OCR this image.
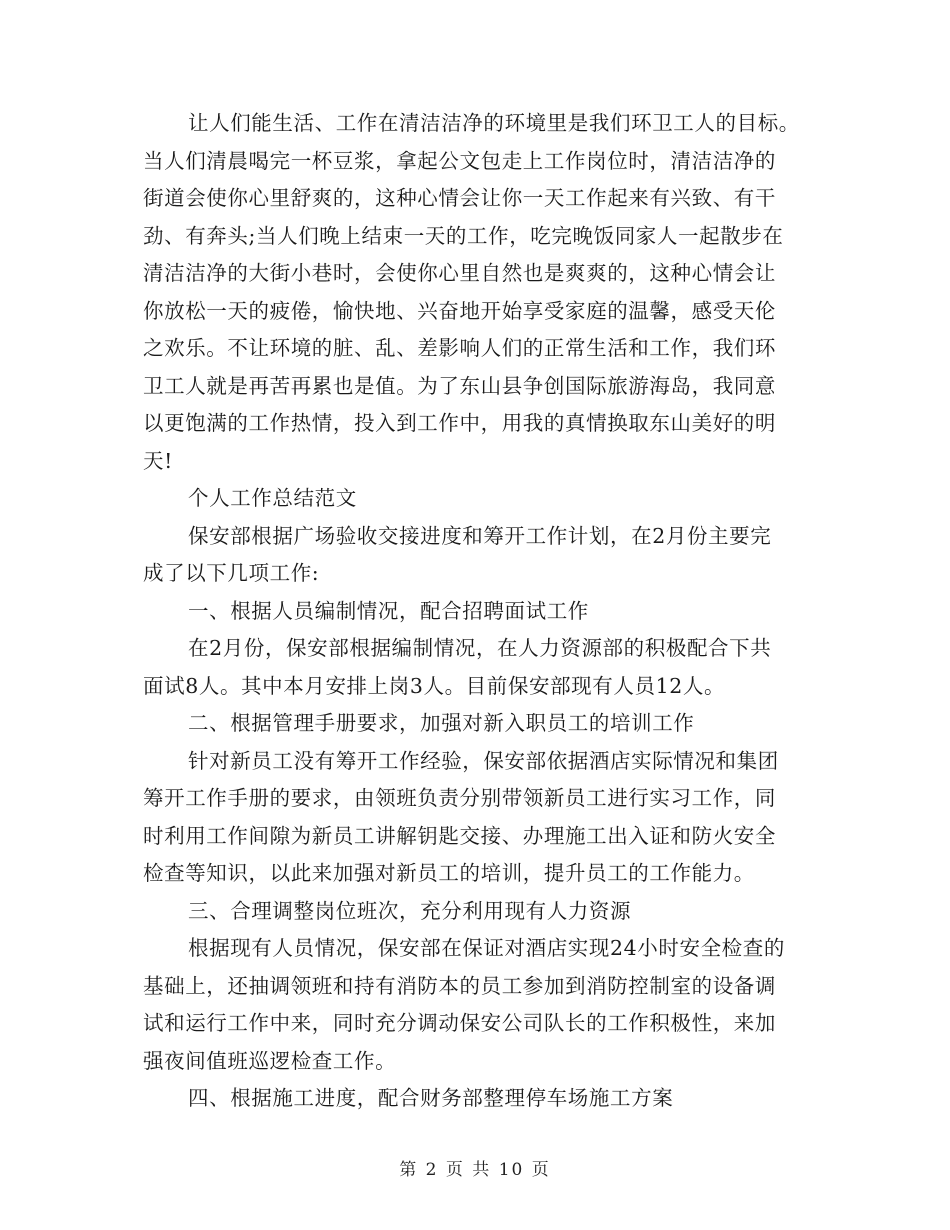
让人们能生活、工作在清洁洁净的环境里是我们环卫工人的目标。
当人们清晨喝完一杯豆浆，拿起公文包走上工作岗位时，清洁洁净的
街道会使你心里舒爽的，这种心情会让你一天工作起来有兴致、有干
劲、有奔头;当人们晚上结束一天的工作，吃完晚饭同家人一起散步在
清洁洁净的大街小巷时，会使你心里自然也是爽爽的，这种心情会让
你放松一天的疲倦，愉快地、兴奋地开始享受家庭的温馨，感受天伦
之欢乐。不让环境的脏、乱、差影响人们的正常生活和工作，我们环
卫工人就是再苦再累也是值。为了东山县争创国际旅游海岛，我同意
以更饱满的工作热情，投入到工作中，用我的真情换取东山美好的明
天!
个人工作总结范文
保安部根据广场验收交接进度和筹开工作计划，在2月份主要完
成了以下几项工作:
一、根据人员编制情况，配合招聘面试工作
在2月份，保安部根据编制情况，在人力资源部的积极配合下共
面试8人。其中本月安排上岗3人。目前保安部现有人员12人。
二、根据管理手册要求，加强对新入职员工的培训工作
针对新员工没有筹开工作经验，保安部依据酒店实际情况和集团
筹开工作手册的要求，由领班负责分别带领新员工进行实习工作，同
时利用工作间隙为新员工讲解钥匙交接、办理施工出入证和防火安全
检查等知识，以此来加强对新员工的培训，提升员工的工作能力。
三、合理调整岗位班次，充分利用现有人力资源
根据现有人员情况，保安部在保证对酒店实现24小时安全检查的
基础上，还抽调领班和持有消防本的员工参加到消防控制室的设备调
试和运行工作中来，同时充分调动保安公司队长的工作积极性，来加
强夜间值班巡逻检查工作。
四、根据施工进度，配合财务部整理停车场施工方案
第 2 页 共 10 页
